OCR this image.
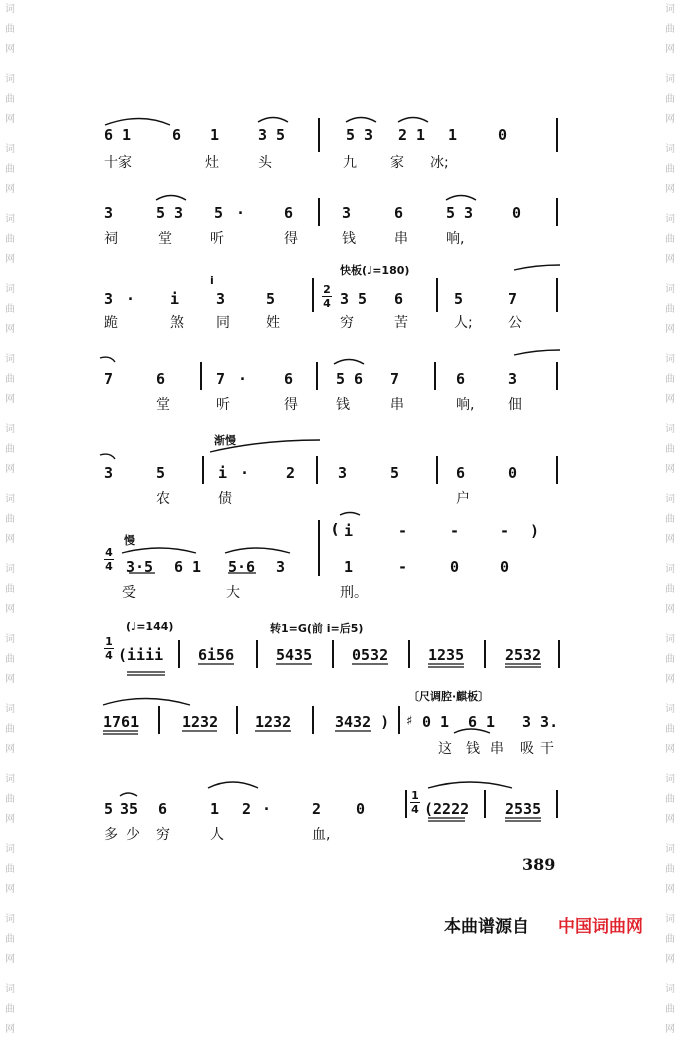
词
曲
网
词
曲
网
词
曲
网
词
曲
网
词
曲
网
词
曲
网
词
曲
网
词
曲
网
词
曲
网
词
曲
网
词
曲
网
词
曲
网
词
曲
网
词
曲
网
词
曲
网
词
曲
网
词
曲
网
词
曲
网
词
曲
网
词
曲
网
词
曲
网
词
曲
网
词
曲
网
词
曲
网
词
曲
网
词
曲
网
词
曲
网
词
曲
网
词
曲
网
词
曲
网
6 1	6 1	3 5	5 3 2 1 1	0
十家	灶	头	九 家 冰;
3	5 3 5 ·	6	3	6	5 3	0
祠	堂	听	得	钱	串	响,
快板(♩=180)
2
4
3 · i
i
3	5	3 5 6	5	7
跪	煞 同	姓	穷	苦	人;	公
7	6	7 · 6	5 6 7	6	3
堂	听	得	钱	串	响, 佃
渐慢
3	5	i · 2	3	5	6	0
农	债	户
慢
4
4 3·5 6 1 5·6 3
( i	-	-	- )
1	-	0	0
受	大	刑。
(♩=144)	转1=G(前 i=后5)
1
4 (iiii 6i56	5435	0532	1235	2532
〔尺调腔·麒板〕
1761	1232 1232	3432 ) ♯ 0 1 6 1 3 3.
这 钱 串 吸 干
5 35 6	1 2 ·	2 0
1
4 (2222 2535
多 少 穷	人	血,
389
本曲谱源自 中国词曲网
